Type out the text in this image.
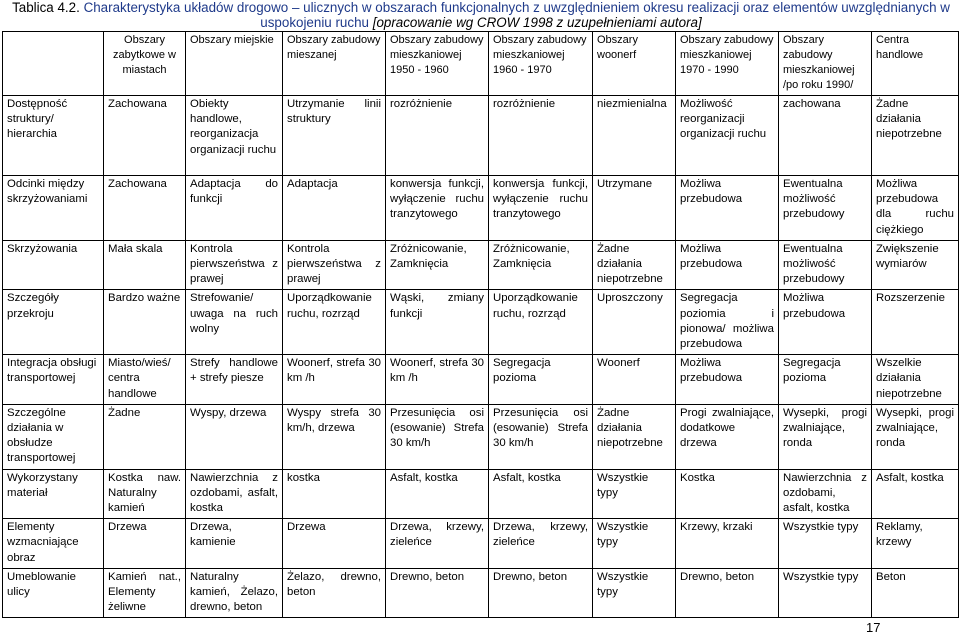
Tablica 4.2. Charakterystyka układów drogowo – ulicznych w obszarach funkcjonalnych z uwzględnieniem okresu realizacji oraz elementów uwzględnianych w uspokojeniu ruchu [opracowanie wg CROW 1998 z uzupełnieniami autora]
	Obszary zabytkowe w miastach	Obszary miejskie	Obszary zabudowy mieszanej	Obszary zabudowy mieszkaniowej 1950 - 1960	Obszary zabudowy mieszkaniowej 1960 - 1970	Obszary woonerf	Obszary zabudowy mieszkaniowej 1970 - 1990	Obszary zabudowy mieszkaniowej /po roku 1990/	Centra handlowe
Dostępność struktury/ hierarchia	Zachowana	Obiekty handlowe, reorganizacja organizacji ruchu	Utrzymanie linii struktury	rozróżnienie	rozróżnienie	niezmienialna	Możliwość reorganizacji organizacji ruchu	zachowana	Żadne działania niepotrzebne
Odcinki między skrzyżowaniami	Zachowana	Adaptacja do funkcji	Adaptacja	konwersja funkcji, wyłączenie ruchu tranzytowego	konwersja funkcji, wyłączenie ruchu tranzytowego	Utrzymane	Możliwa przebudowa	Ewentualna możliwość przebudowy	Możliwa przebudowa dla ruchu ciężkiego
Skrzyżowania	Mała skala	Kontrola pierwszeństwa z prawej	Kontrola pierwszeństwa z prawej	Zróżnicowanie, Zamknięcia	Zróżnicowanie, Zamknięcia	Żadne działania niepotrzebne	Możliwa przebudowa	Ewentualna możliwość przebudowy	Zwiększenie wymiarów
Szczegóły przekroju	Bardzo ważne	Strefowanie/ uwaga na ruch wolny	Uporządkowanie ruchu, rozrząd	Wąski, zmiany funkcji	Uporządkowanie ruchu, rozrząd	Uproszczony	Segregacja poziomia i pionowa/ możliwa przebudowa	Możliwa przebudowa	Rozszerzenie
Integracja obsługi transportowej	Miasto/wieś/ centra handlowe	Strefy handlowe + strefy piesze	Woonerf, strefa 30 km /h	Woonerf, strefa 30 km /h	Segregacja pozioma	Woonerf	Możliwa przebudowa	Segregacja pozioma	Wszelkie działania niepotrzebne
Szczególne działania w obsłudze transportowej	Żadne	Wyspy, drzewa	Wyspy strefa 30 km/h, drzewa	Przesunięcia osi (esowanie) Strefa 30 km/h	Przesunięcia osi (esowanie) Strefa 30 km/h	Żadne działania niepotrzebne	Progi zwalniające, dodatkowe drzewa	Wysepki, progi zwalniające, ronda	Wysepki, progi zwalniające, ronda
Wykorzystany materiał	Kostka naw. Naturalny kamień	Nawierzchnia z ozdobami, asfalt, kostka	kostka	Asfalt, kostka	Asfalt, kostka	Wszystkie typy	Kostka	Nawierzchnia z ozdobami, asfalt, kostka	Asfalt, kostka
Elementy wzmacniające obraz	Drzewa	Drzewa, kamienie	Drzewa	Drzewa, krzewy, zieleńce	Drzewa, krzewy, zieleńce	Wszystkie typy	Krzewy, krzaki	Wszystkie typy	Reklamy, krzewy
Umeblowanie ulicy	Kamień nat., Elementy żeliwne	Naturalny kamień, Żelazo, drewno, beton	Żelazo, drewno, beton	Drewno, beton	Drewno, beton	Wszystkie typy	Drewno, beton	Wszystkie typy	Beton
17
